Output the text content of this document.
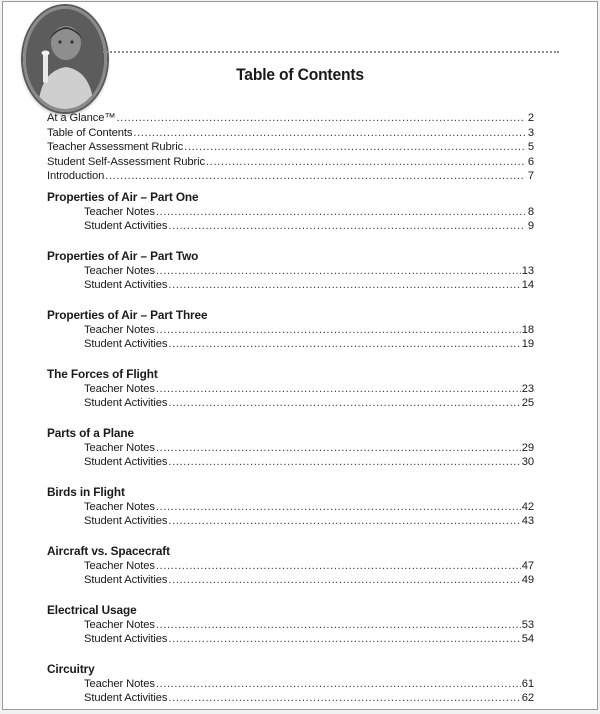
Table of Contents
At a Glance™ .....	2
Table of Contents .....	3
Teacher Assessment Rubric .....	5
Student Self-Assessment Rubric .....	6
Introduction .....	7
Properties of Air – Part One
Teacher Notes .....	8
Student Activities .....	9
Properties of Air – Part Two
Teacher Notes .....	13
Student Activities .....	14
Properties of Air – Part Three
Teacher Notes .....	18
Student Activities .....	19
The Forces of Flight
Teacher Notes .....	23
Student Activities .....	25
Parts of a Plane
Teacher Notes .....	29
Student Activities .....	30
Birds in Flight
Teacher Notes .....	42
Student Activities .....	43
Aircraft vs. Spacecraft
Teacher Notes .....	47
Student Activities .....	49
Electrical Usage
Teacher Notes .....	53
Student Activities .....	54
Circuitry
Teacher Notes .....	61
Student Activities .....	62
